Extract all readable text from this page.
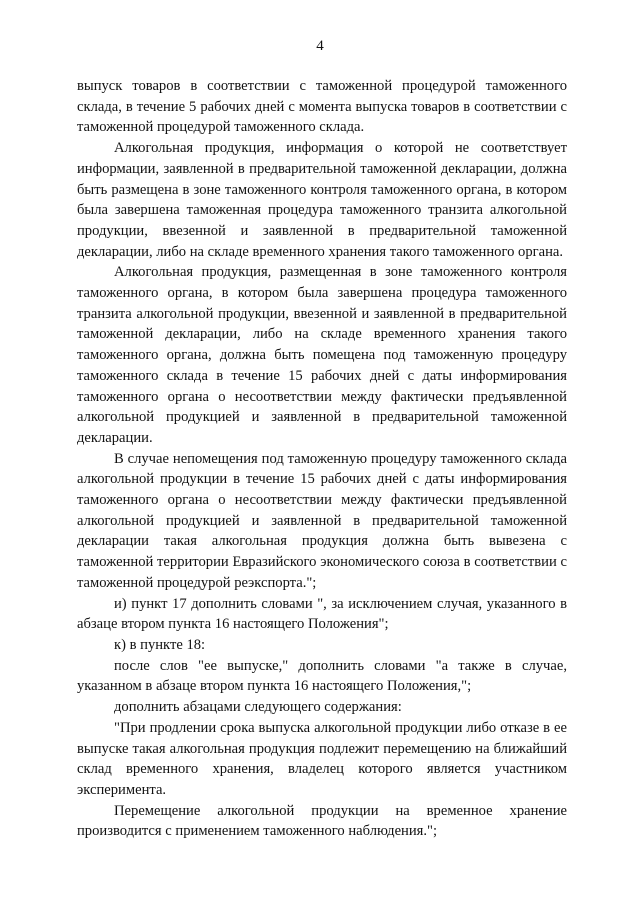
4

выпуск товаров в соответствии с таможенной процедурой таможенного склада, в течение 5 рабочих дней с момента выпуска товаров в соответствии с таможенной процедурой таможенного склада.

Алкогольная продукция, информация о которой не соответствует информации, заявленной в предварительной таможенной декларации, должна быть размещена в зоне таможенного контроля таможенного органа, в котором была завершена таможенная процедура таможенного транзита алкогольной продукции, ввезенной и заявленной в предварительной таможенной декларации, либо на складе временного хранения такого таможенного органа.

Алкогольная продукция, размещенная в зоне таможенного контроля таможенного органа, в котором была завершена процедура таможенного транзита алкогольной продукции, ввезенной и заявленной в предварительной таможенной декларации, либо на складе временного хранения такого таможенного органа, должна быть помещена под таможенную процедуру таможенного склада в течение 15 рабочих дней с даты информирования таможенного органа о несоответствии между фактически предъявленной алкогольной продукцией и заявленной в предварительной таможенной декларации.

В случае непомещения под таможенную процедуру таможенного склада алкогольной продукции в течение 15 рабочих дней с даты информирования таможенного органа о несоответствии между фактически предъявленной алкогольной продукцией и заявленной в предварительной таможенной декларации такая алкогольная продукция должна быть вывезена с таможенной территории Евразийского экономического союза в соответствии с таможенной процедурой реэкспорта.";

и) пункт 17 дополнить словами ", за исключением случая, указанного в абзаце втором пункта 16 настоящего Положения";

к) в пункте 18:

после слов "ее выпуске," дополнить словами "а также в случае, указанном в абзаце втором пункта 16 настоящего Положения,";

дополнить абзацами следующего содержания:

"При продлении срока выпуска алкогольной продукции либо отказе в ее выпуске такая алкогольная продукция подлежит перемещению на ближайший склад временного хранения, владелец которого является участником эксперимента.

Перемещение алкогольной продукции на временное хранение производится с применением таможенного наблюдения.";
